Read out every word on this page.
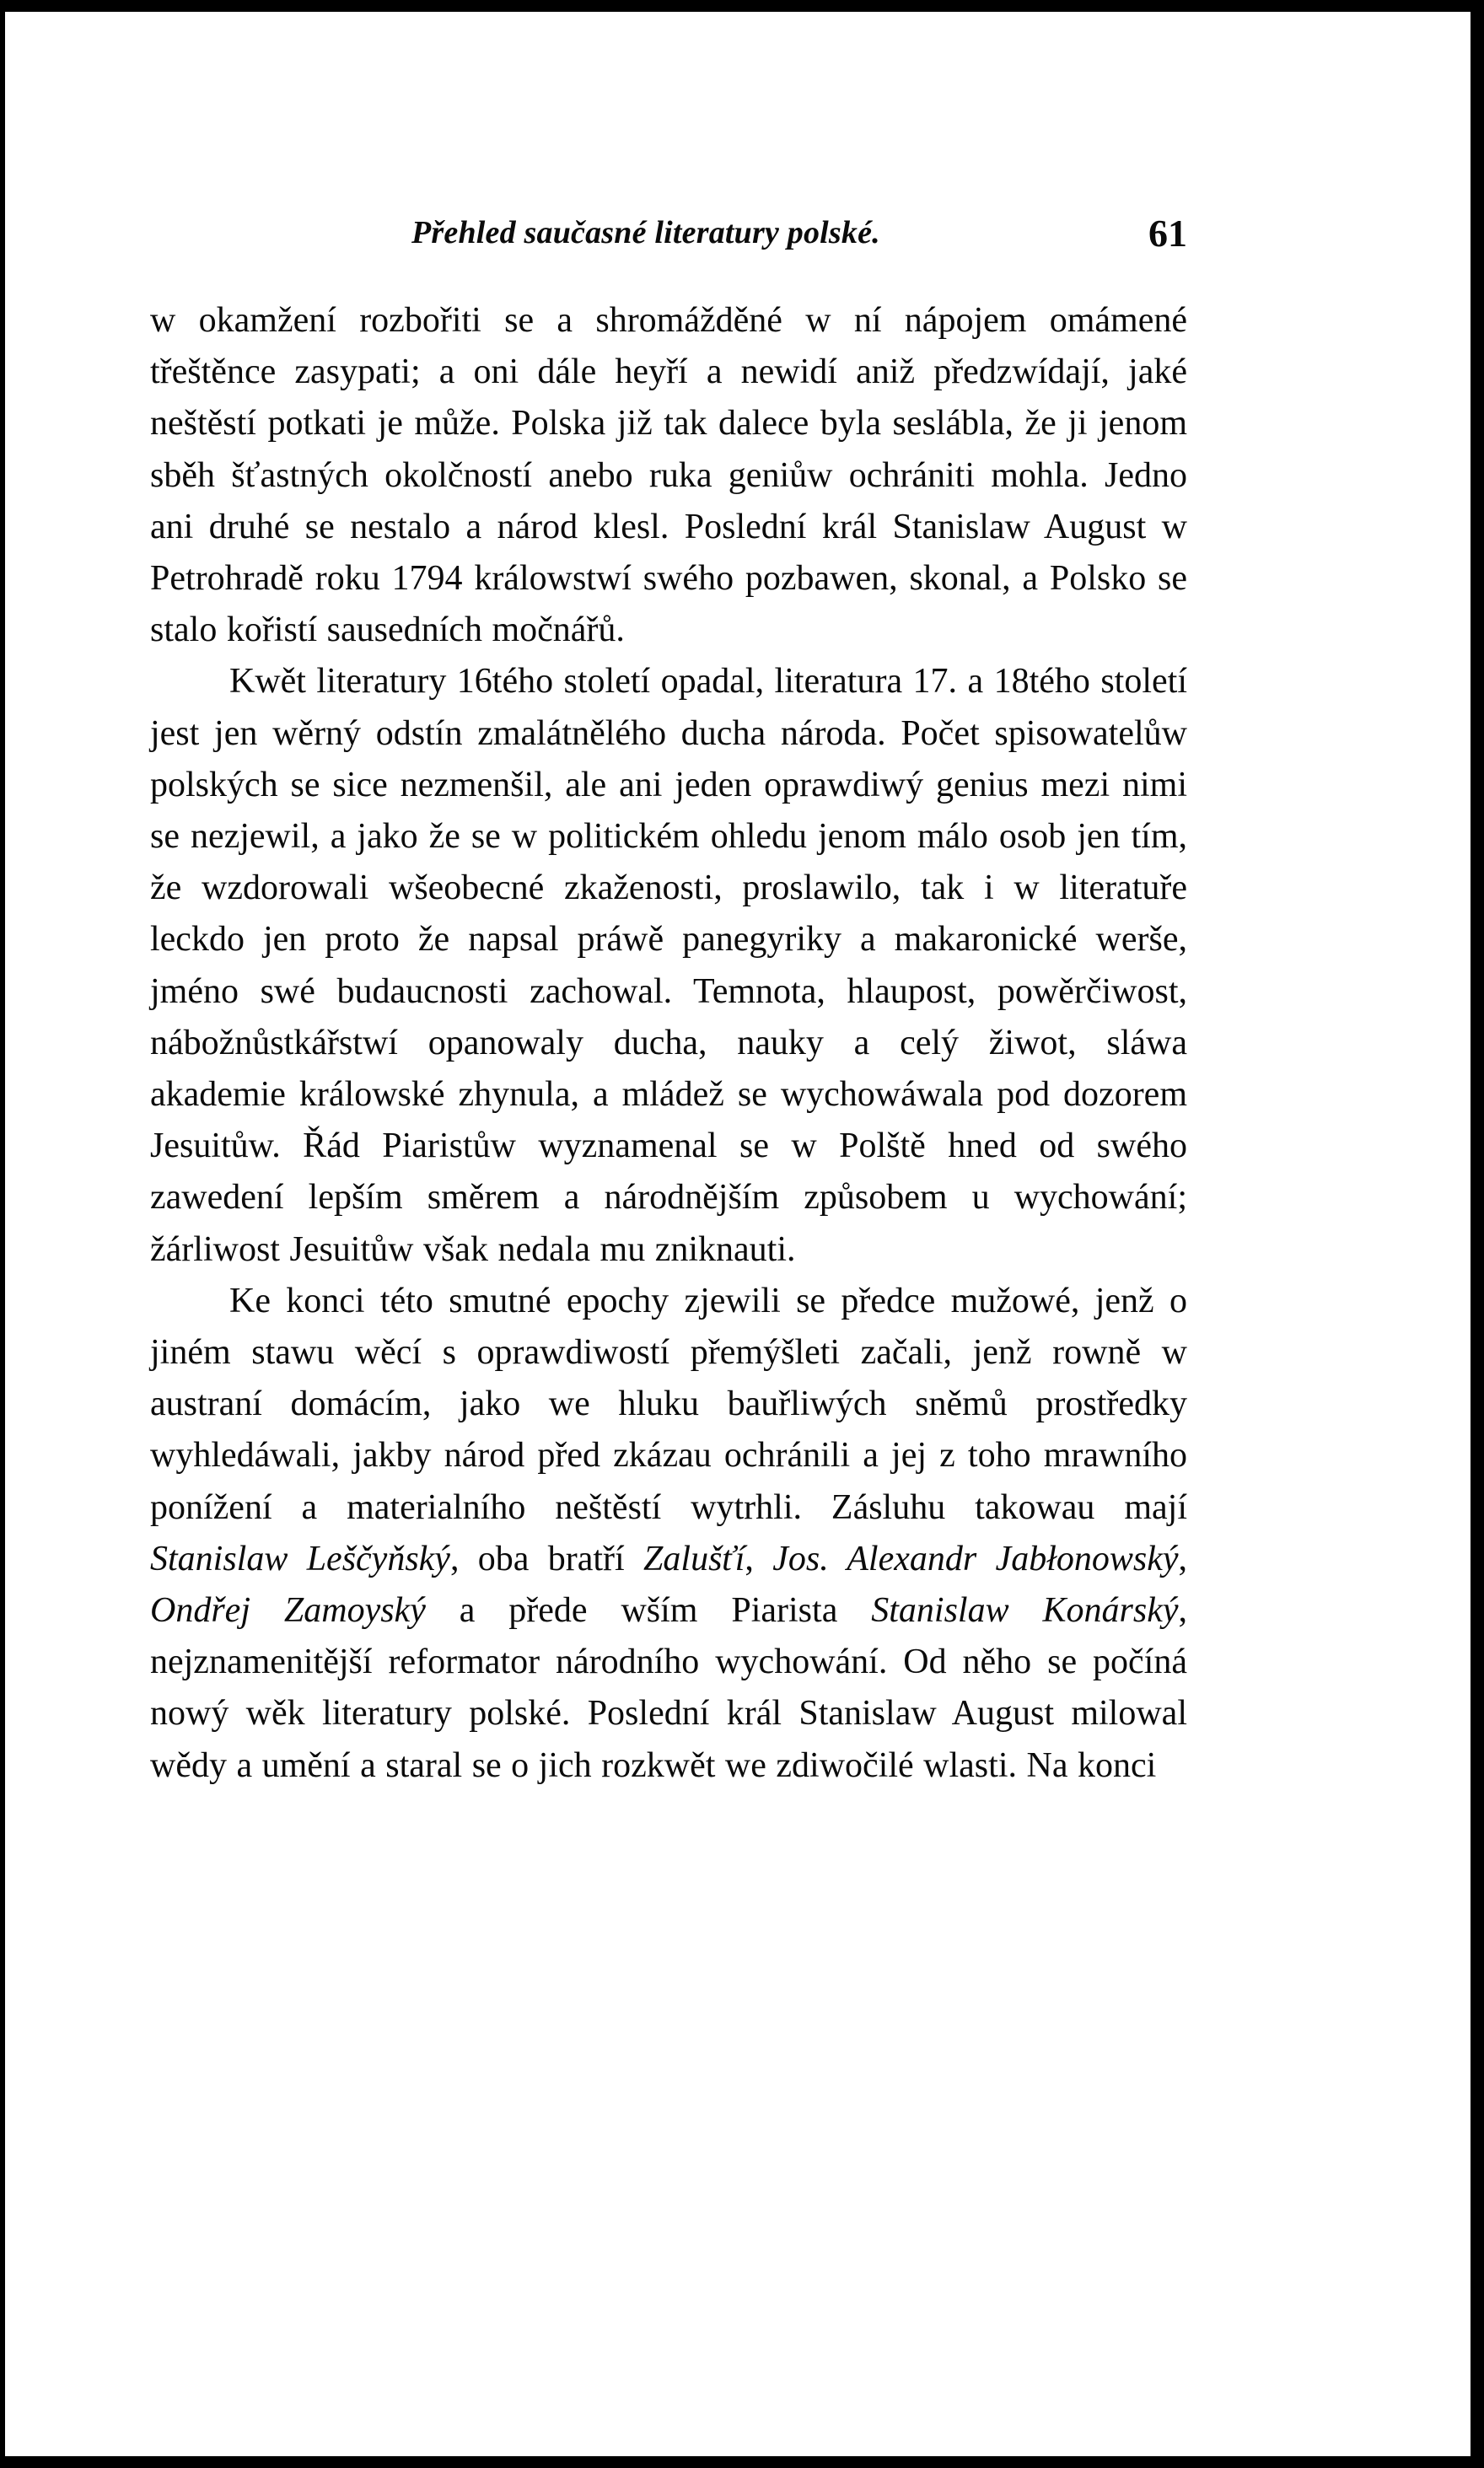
Přehled saučasné literatury polské.	61

w okamžení rozbořiti se a shromážděné w ní nápojem omámené třeštěnce zasypati; a oni dále heyří a newidí aniž předzwídají, jaké neštěstí potkati je může. Polska již tak dalece byla seslábla, že ji jenom sběh šťastných okolčností anebo ruka geniůw ochrániti mohla. Jedno ani druhé se nestalo a národ klesl. Poslední král Stanislaw August w Petrohradě roku 1794 králowstwí swého pozbawen, skonal, a Polsko se stalo kořistí sausedních močnářů.

Kwět literatury 16tého století opadal, literatura 17. a 18tého století jest jen wěrný odstín zmalátnělého ducha národa. Počet spisowatelůw polských se sice nezmenšil, ale ani jeden oprawdiwý genius mezi nimi se nezjewil, a jako že se w politickém ohledu jenom málo osob jen tím, že wzdorowali wšeobecné zkaženosti, proslawilo, tak i w literatuře leckdo jen proto že napsal práwě panegyriky a makaronické werše, jméno swé budaucnosti zachowal. Temnota, hlaupost, powěrčiwost, nábožnůstkářstwí opanowaly ducha, nauky a celý žiwot, sláwa akademie králowské zhynula, a mládež se wychowáwala pod dozorem Jesuitůw. Řád Piaristůw wyznamenal se w Polště hned od swého zawedení lepším směrem a národnějším způsobem u wychowání; žárliwost Jesuitůw však nedala mu zniknauti.

Ke konci této smutné epochy zjewili se předce mužowé, jenž o jiném stawu wěcí s oprawdiwostí přemýšleti začali, jenž rowně w austraní domácím, jako we hluku bauřliwých sněmů prostředky wyhledáwali, jakby národ před zkázau ochránili a jej z toho mrawního ponížení a materialního neštěstí wytrhli. Zásluhu takowau mají Stanislaw Leščyňský, oba bratří Zalušťí, Jos. Alexandr Jabłonowský, Ondřej Zamoyský a přede wším Piarista Stanislaw Konárský, nejznamenitější reformator národního wychowání. Od něho se počíná nowý wěk literatury polské. Poslední král Stanislaw August milowal wědy a umění a staral se o jich rozkwět we zdiwočilé wlasti. Na konci
